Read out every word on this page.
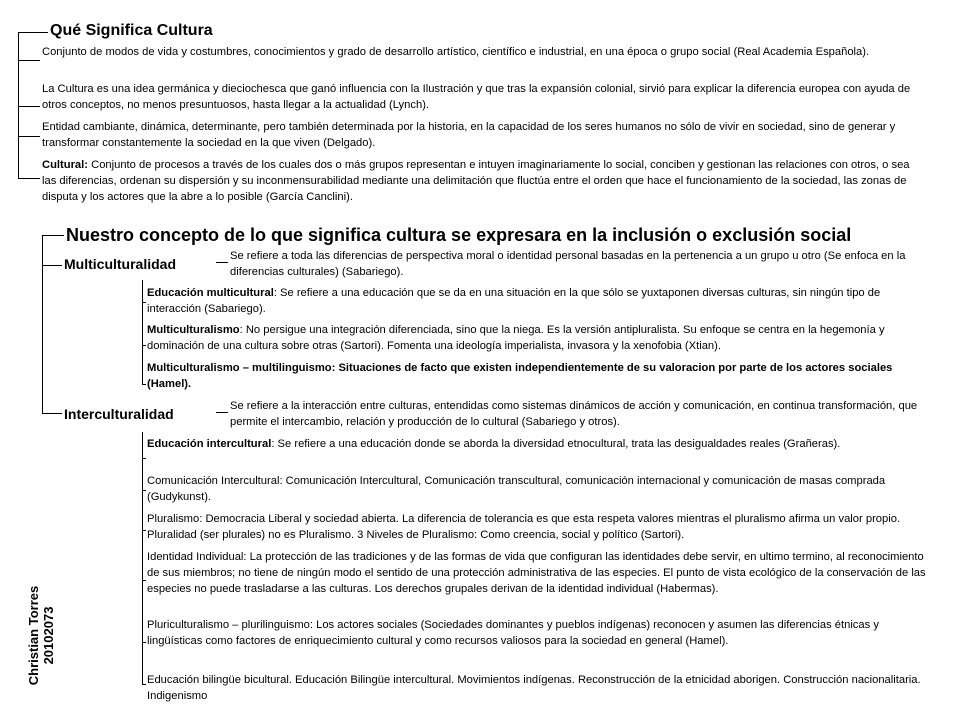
Qué Significa Cultura

Conjunto de modos de vida y costumbres, conocimientos y grado de desarrollo artístico, científico e industrial, en una época o grupo social (Real Academia Española).

La Cultura es una idea germánica y dieciochesca que ganó influencia con la Ilustración y que tras la expansión colonial, sirvió para explicar la diferencia europea con ayuda de otros conceptos, no menos presuntuosos, hasta llegar a la actualidad (Lynch).

Entidad cambiante, dinámica, determinante, pero también determinada por la historia, en la capacidad de los seres humanos no sólo de vivir en sociedad, sino de generar y transformar constantemente la sociedad en la que viven (Delgado).

Cultural: Conjunto de procesos a través de los cuales dos o más grupos representan e intuyen imaginariamente lo social, conciben y gestionan las relaciones con otros, o sea las diferencias, ordenan su dispersión y su inconmensurabilidad mediante una delimitación que fluctúa entre el orden que hace el funcionamiento de la sociedad, las zonas de disputa y los actores que la abre a lo posible (García Canclini).

Nuestro concepto de lo que significa cultura se expresara en la inclusión o exclusión social
Multiculturalidad	Se refiere a toda las diferencias de perspectiva moral o identidad personal basadas en la pertenencia a un grupo u otro (Se enfoca en la diferencias culturales) (Sabariego).

Educación multicultural: Se refiere a una educación que se da en una situación en la que sólo se yuxtaponen diversas culturas, sin ningún tipo de interacción (Sabariego).

Multiculturalismo: No persigue una integración diferenciada, sino que la niega. Es la versión antipluralista. Su enfoque se centra en la hegemonía y dominación de una cultura sobre otras (Sartori). Fomenta una ideología imperialista, invasora y la xenofobia (Xtian).

Multiculturalismo – multilinguismo: Situaciones de facto que existen independientemente de su valoracion por parte de los actores sociales (Hamel).

Interculturalidad	Se refiere a la interacción entre culturas, entendidas como sistemas dinámicos de acción y comunicación, en continua transformación, que permite el intercambio, relación y producción de lo cultural (Sabariego y otros).

Educación intercultural: Se refiere a una educación donde se aborda la diversidad etnocultural, trata las desigualdades reales (Grañeras).

Comunicación Intercultural: Comunicación Intercultural, Comunicación transcultural, comunicación internacional y comunicación de masas comprada (Gudykunst).

Pluralismo: Democracia Liberal y sociedad abierta. La diferencia de tolerancia es que esta respeta valores mientras el pluralismo afirma un valor propio. Pluralidad (ser plurales) no es Pluralismo. 3 Niveles de Pluralismo: Como creencia, social y político (Sartori).

Identidad Individual: La protección de las tradiciones y de las formas de vida que configuran las identidades debe servir, en ultimo termino, al reconocimiento de sus miembros; no tiene de ningún modo el sentido de una protección administrativa de las especies. El punto de vista ecológico de la conservación de las especies no puede trasladarse a las culturas. Los derechos grupales derivan de la identidad individual (Habermas).

Pluriculturalismo – plurilinguismo: Los actores sociales (Sociedades dominantes y pueblos indígenas) reconocen y asumen las diferencias étnicas y lingüísticas como factores de enriquecimiento cultural y como recursos valiosos para la sociedad en general (Hamel).

Educación bilingüe bicultural. Educación Bilingüe intercultural. Movimientos indígenas. Reconstrucción de la etnicidad aborigen. Construcción nacionalitaria. Indigenismo

Christian Torres 20102073
